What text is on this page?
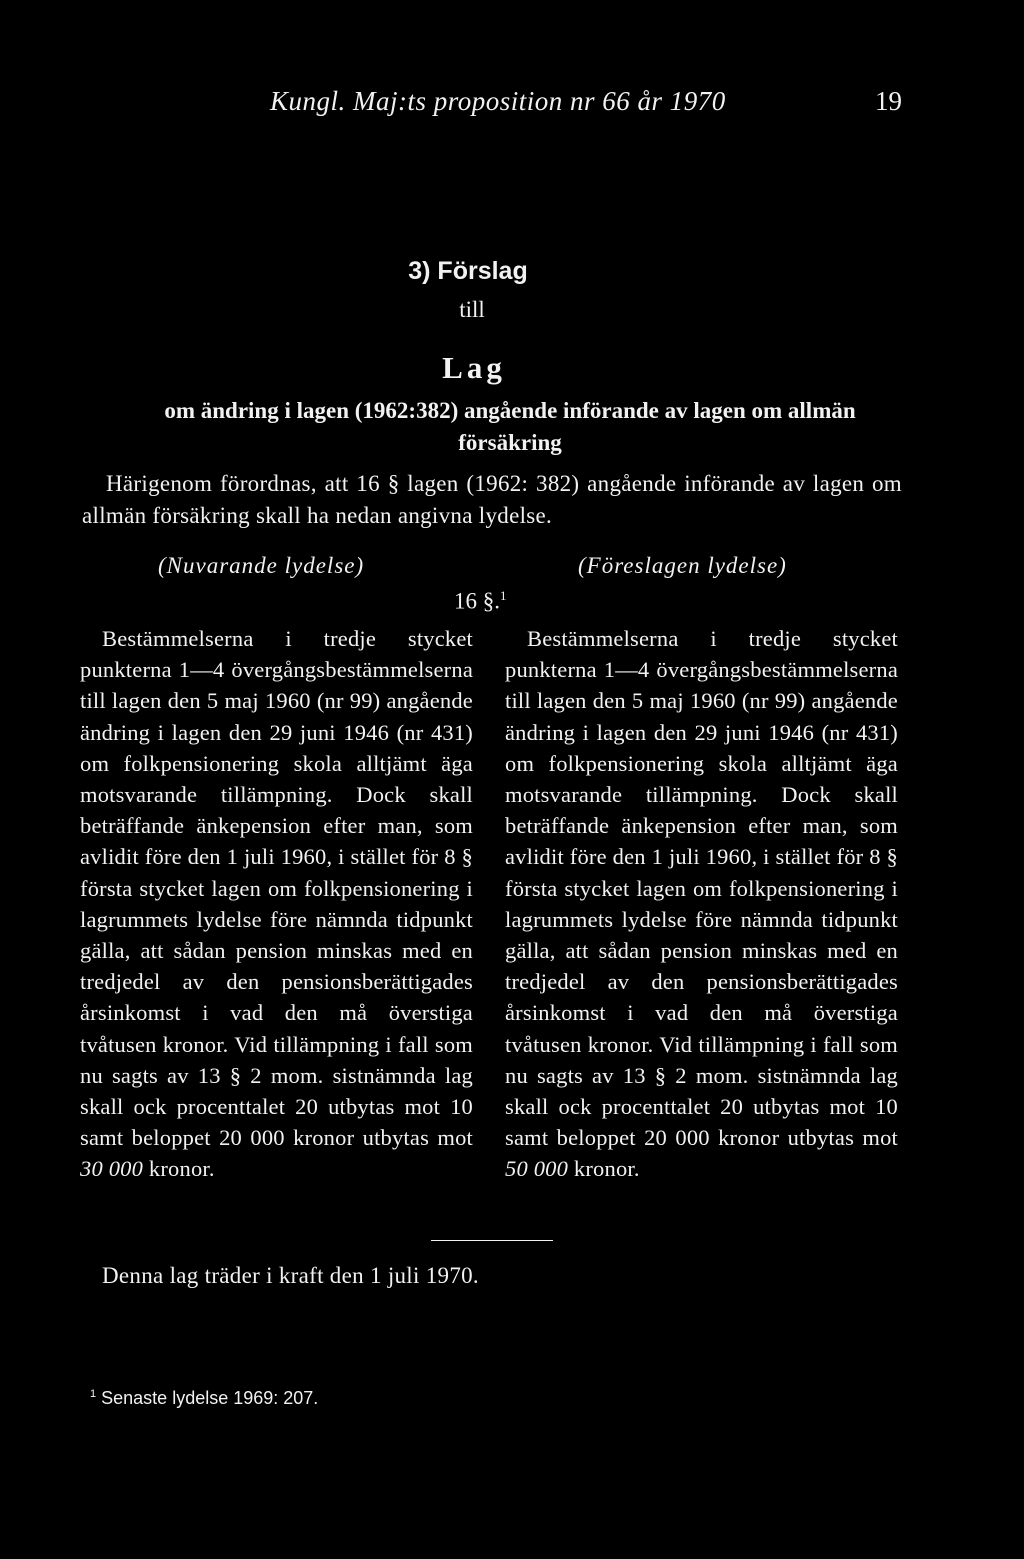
Kungl. Maj:ts proposition nr 66 år 1970	19
3) Förslag
till
Lag
om ändring i lagen (1962:382) angående införande av lagen om allmän försäkring
Härigenom förordnas, att 16 § lagen (1962: 382) angående införande av lagen om allmän försäkring skall ha nedan angivna lydelse.
(Nuvarande lydelse)	(Föreslagen lydelse)
16 §.$^1$
Bestämmelserna i tredje stycket punkterna 1—4 övergångsbestämmelserna till lagen den 5 maj 1960 (nr 99) angående ändring i lagen den 29 juni 1946 (nr 431) om folkpensionering skola alltjämt äga motsvarande tillämpning. Dock skall beträffande änkepension efter man, som avlidit före den 1 juli 1960, i stället för 8 § första stycket lagen om folkpensionering i lagrummets lydelse före nämnda tidpunkt gälla, att sådan pension minskas med en tredjedel av den pensionsberättigades årsinkomst i vad den må överstiga tvåtusen kronor. Vid tillämpning i fall som nu sagts av 13 § 2 mom. sistnämnda lag skall ock procenttalet 20 utbytas mot 10 samt beloppet 20 000 kronor utbytas mot 30 000 kronor.
Bestämmelserna i tredje stycket punkterna 1—4 övergångsbestämmelserna till lagen den 5 maj 1960 (nr 99) angående ändring i lagen den 29 juni 1946 (nr 431) om folkpensionering skola alltjämt äga motsvarande tillämpning. Dock skall beträffande änkepension efter man, som avlidit före den 1 juli 1960, i stället för 8 § första stycket lagen om folkpensionering i lagrummets lydelse före nämnda tidpunkt gälla, att sådan pension minskas med en tredjedel av den pensionsberättigades årsinkomst i vad den må överstiga tvåtusen kronor. Vid tillämpning i fall som nu sagts av 13 § 2 mom. sistnämnda lag skall ock procenttalet 20 utbytas mot 10 samt beloppet 20 000 kronor utbytas mot 50 000 kronor.
Denna lag träder i kraft den 1 juli 1970.
$^1$ Senaste lydelse 1969: 207.
